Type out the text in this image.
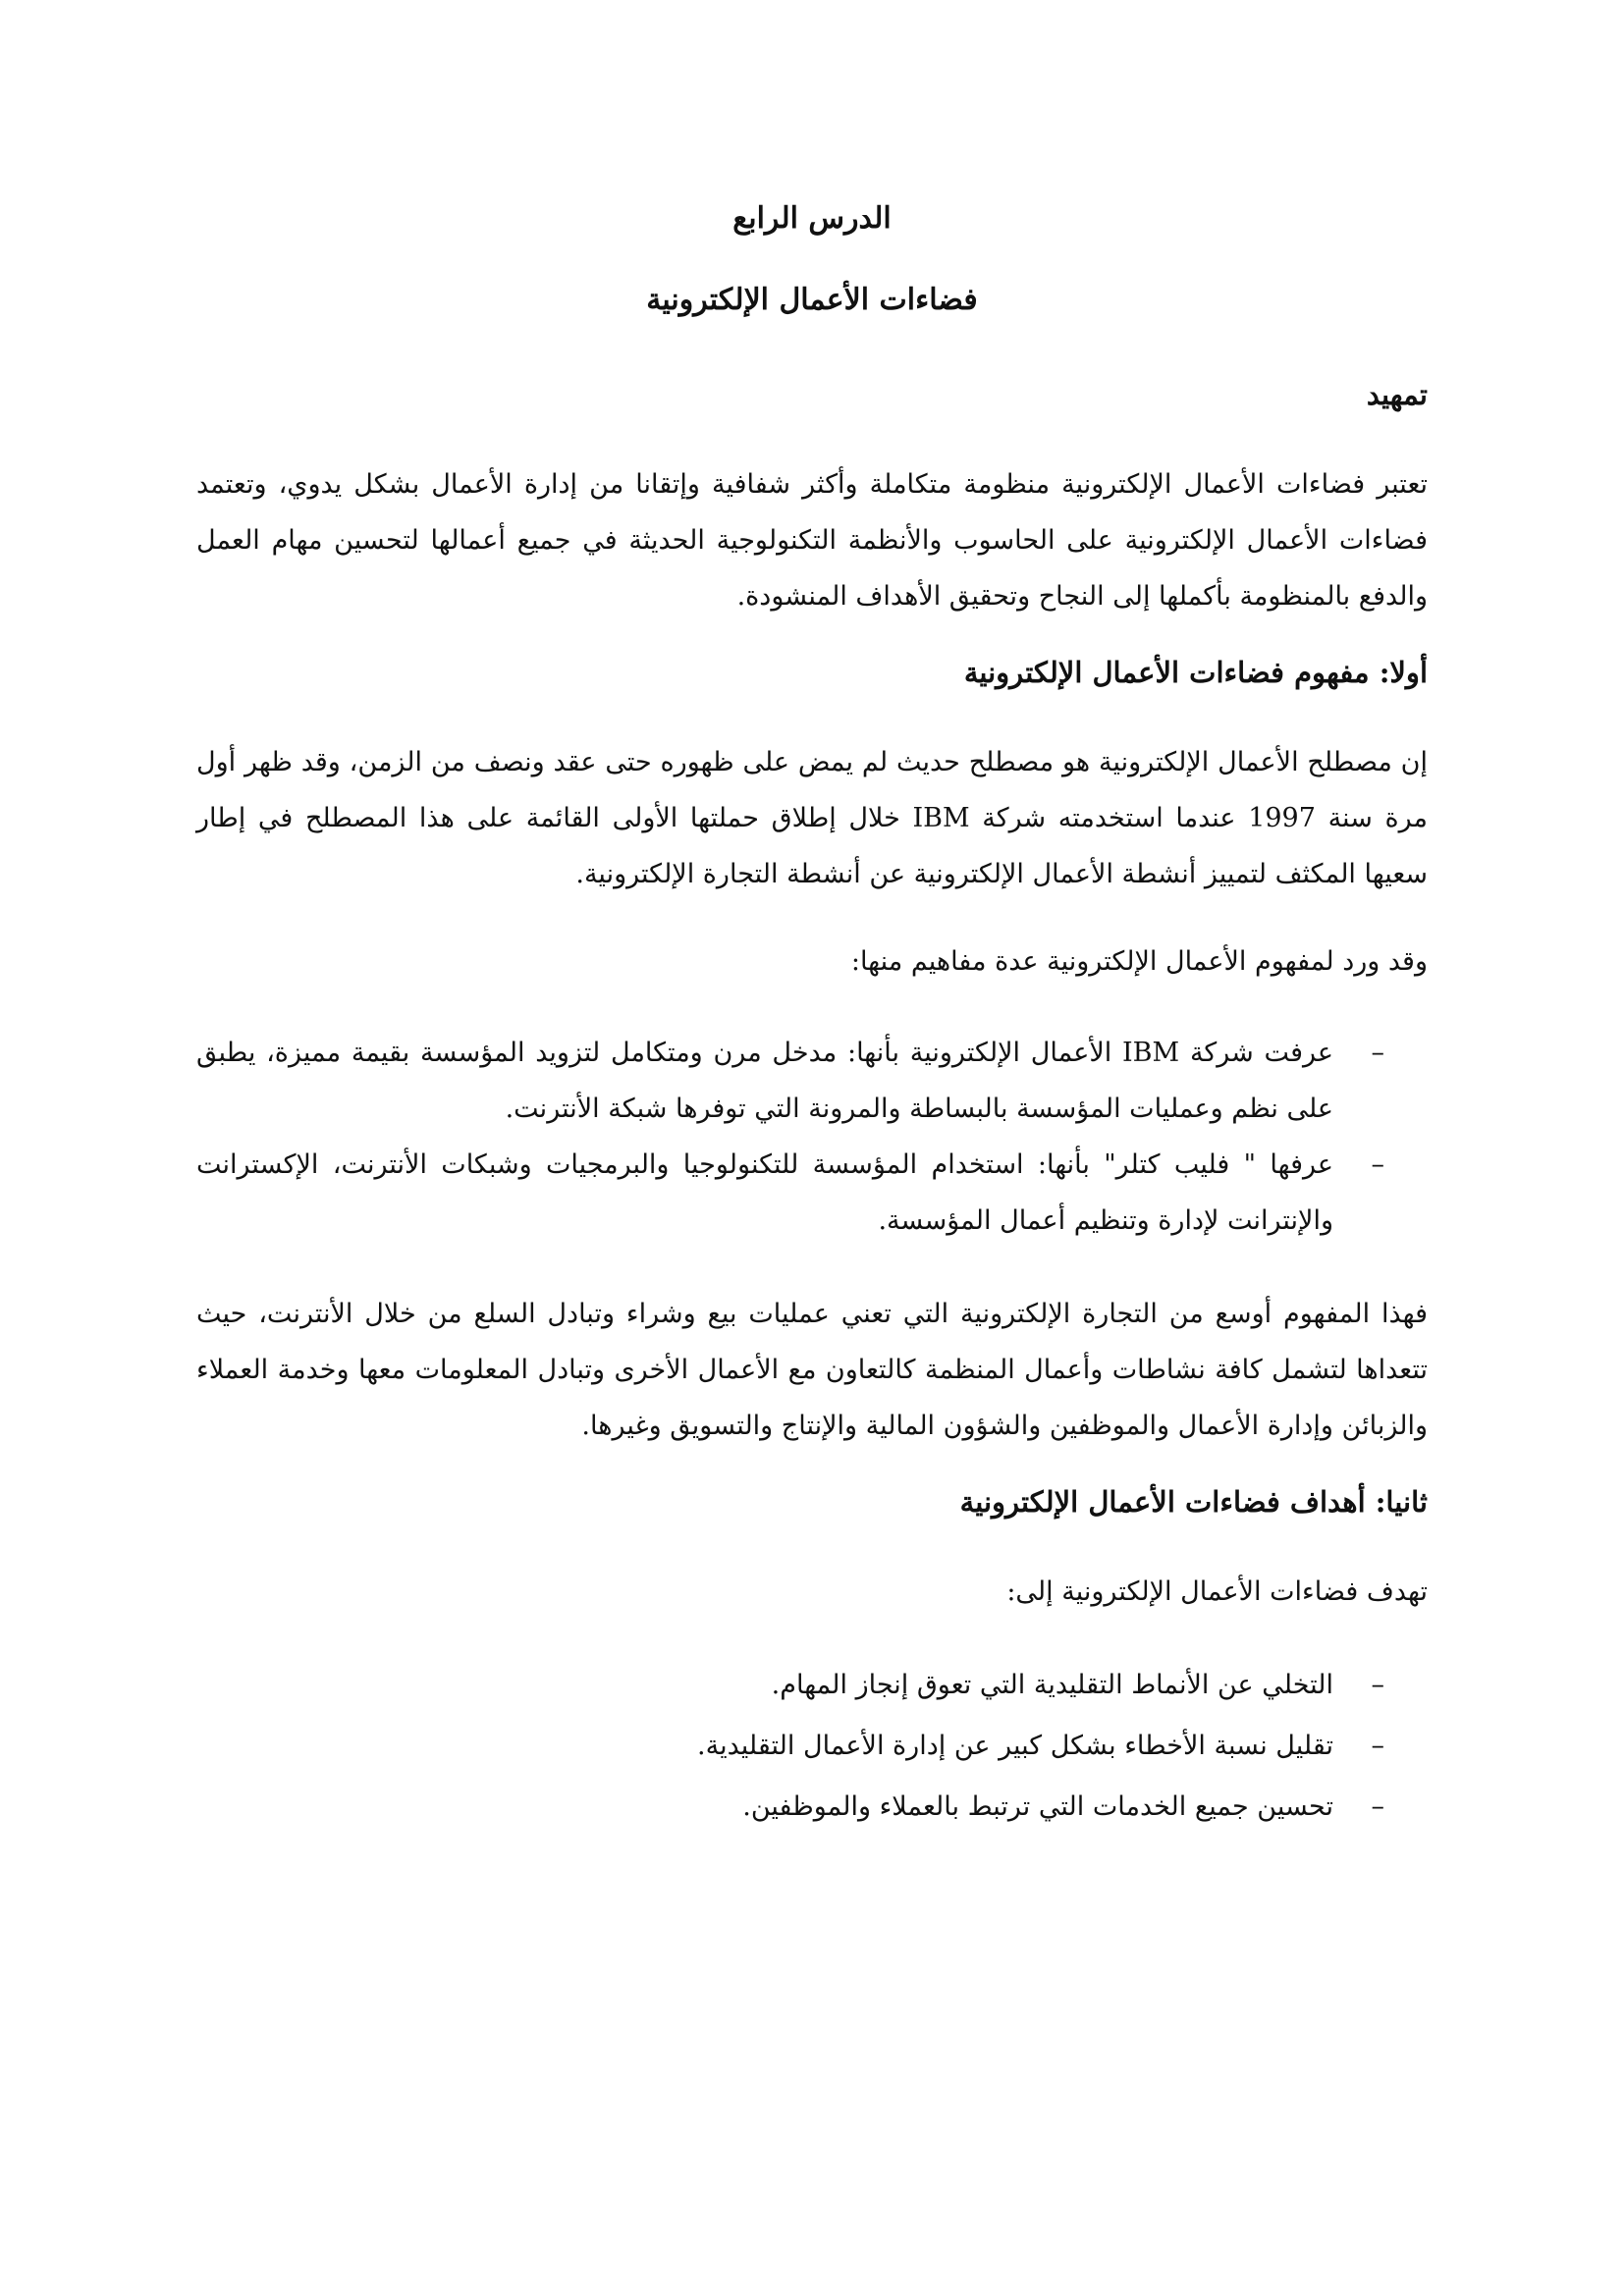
الدرس الرابع

فضاءات الأعمال الإلكترونية

تمهيد

تعتبر فضاءات الأعمال الإلكترونية منظومة متكاملة وأكثر شفافية وإتقانا من إدارة الأعمال بشكل يدوي، وتعتمد فضاءات الأعمال الإلكترونية على الحاسوب والأنظمة التكنولوجية الحديثة في جميع أعمالها لتحسين مهام العمل والدفع بالمنظومة بأكملها إلى النجاح وتحقيق الأهداف المنشودة.

أولا: مفهوم فضاءات الأعمال الإلكترونية

إن مصطلح الأعمال الإلكترونية هو مصطلح حديث لم يمض على ظهوره حتى عقد ونصف من الزمن، وقد ظهر أول مرة سنة 1997 عندما استخدمته شركة IBM خلال إطلاق حملتها الأولى القائمة على هذا المصطلح في إطار سعيها المكثف لتمييز أنشطة الأعمال الإلكترونية عن أنشطة التجارة الإلكترونية.

وقد ورد لمفهوم الأعمال الإلكترونية عدة مفاهيم منها:

–
عرفت شركة IBM الأعمال الإلكترونية بأنها: مدخل مرن ومتكامل لتزويد المؤسسة بقيمة مميزة، يطبق على نظم وعمليات المؤسسة بالبساطة والمرونة التي توفرها شبكة الأنترنت.
–
عرفها " فليب كتلر" بأنها: استخدام المؤسسة للتكنولوجيا والبرمجيات وشبكات الأنترنت، الإكسترانت والإنترانت لإدارة وتنظيم أعمال المؤسسة.

فهذا المفهوم أوسع من التجارة الإلكترونية التي تعني عمليات بيع وشراء وتبادل السلع من خلال الأنترنت، حيث تتعداها لتشمل كافة نشاطات وأعمال المنظمة كالتعاون مع الأعمال الأخرى وتبادل المعلومات معها وخدمة العملاء والزبائن وإدارة الأعمال والموظفين والشؤون المالية والإنتاج والتسويق وغيرها.

ثانيا: أهداف فضاءات الأعمال الإلكترونية

تهدف فضاءات الأعمال الإلكترونية إلى:

–
التخلي عن الأنماط التقليدية التي تعوق إنجاز المهام.
–
تقليل نسبة الأخطاء بشكل كبير عن إدارة الأعمال التقليدية.
–
تحسين جميع الخدمات التي ترتبط بالعملاء والموظفين.
